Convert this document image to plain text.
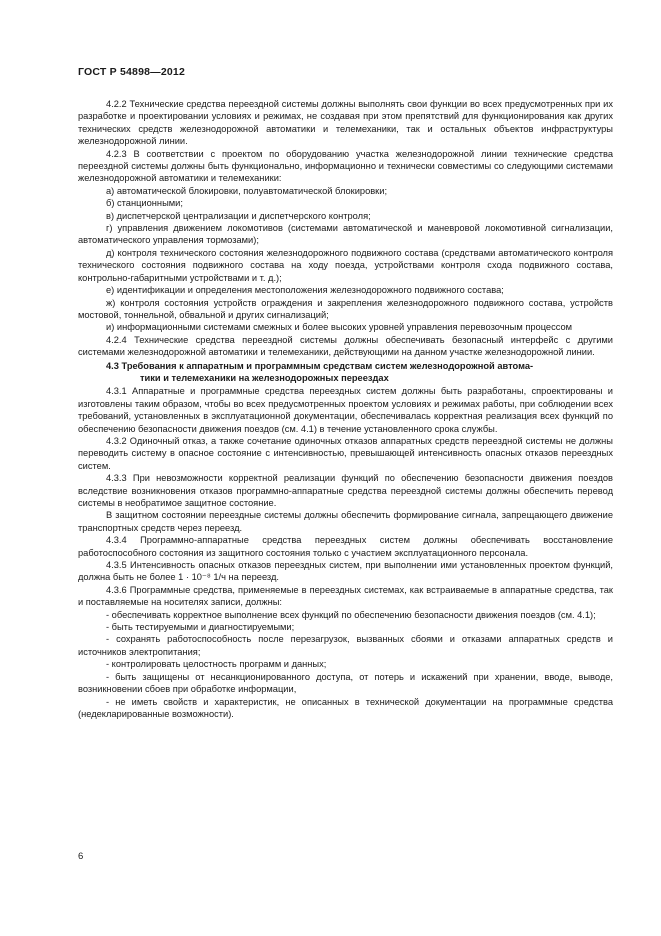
ГОСТ Р 54898—2012

4.2.2 Технические средства переездной системы должны выполнять свои функции во всех предусмотренных при их разработке и проектировании условиях и режимах, не создавая при этом препятствий для функционирования как других технических средств железнодорожной автоматики и телемеханики, так и остальных объектов инфраструктуры железнодорожной линии.

4.2.3 В соответствии с проектом по оборудованию участка железнодорожной линии технические средства переездной системы должны быть функционально, информационно и технически совместимы со следующими системами железнодорожной автоматики и телемеханики:

а) автоматической блокировки, полуавтоматической блокировки;

б) станционными;

в) диспетчерской централизации и диспетчерского контроля;

г) управления движением локомотивов (системами автоматической и маневровой локомотивной сигнализации, автоматического управления тормозами);

д) контроля технического состояния железнодорожного подвижного состава (средствами автоматического контроля технического состояния подвижного состава на ходу поезда, устройствами контроля схода подвижного состава, контрольно-габаритными устройствами и т. д.);

е) идентификации и определения местоположения железнодорожного подвижного состава;

ж) контроля состояния устройств ограждения и закрепления железнодорожного подвижного состава, устройств мостовой, тоннельной, обвальной и других сигнализаций;

и) информационными системами смежных и более высоких уровней управления перевозочным процессом

4.2.4 Технические средства переездной системы должны обеспечивать безопасный интерфейс с другими системами железнодорожной автоматики и телемеханики, действующими на данном участке железнодорожной линии.

4.3 Требования к аппаратным и программным средствам систем железнодорожной автома-
тики и телемеханики на железнодорожных переездах

4.3.1 Аппаратные и программные средства переездных систем должны быть разработаны, спроектированы и изготовлены таким образом, чтобы во всех предусмотренных проектом условиях и режимах работы, при соблюдении всех требований, установленных в эксплуатационной документации, обеспечивалась корректная реализация всех функций по обеспечению безопасности движения поездов (см. 4.1) в течение установленного срока службы.

4.3.2 Одиночный отказ, а также сочетание одиночных отказов аппаратных средств переездной системы не должны переводить систему в опасное состояние с интенсивностью, превышающей интенсивность опасных отказов переездных систем.

4.3.3 При невозможности корректной реализации функций по обеспечению безопасности движения поездов вследствие возникновения отказов программно-аппаратные средства переездной системы должны обеспечить перевод системы в необратимое защитное состояние.

В защитном состоянии переездные системы должны обеспечить формирование сигнала, запрещающего движение транспортных средств через переезд.

4.3.4 Программно-аппаратные средства переездных систем должны обеспечивать восстановление работоспособного состояния из защитного состояния только с участием эксплуатационного персонала.

4.3.5 Интенсивность опасных отказов переездных систем, при выполнении ими установленных проектом функций, должна быть не более 1 · 10⁻⁸ 1/ч на переезд.

4.3.6 Программные средства, применяемые в переездных системах, как встраиваемые в аппаратные средства, так и поставляемые на носителях записи, должны:

- обеспечивать корректное выполнение всех функций по обеспечению безопасности движения поездов (см. 4.1);

- быть тестируемыми и диагностируемыми;

- сохранять работоспособность после перезагрузок, вызванных сбоями и отказами аппаратных средств и источников электропитания;

- контролировать целостность программ и данных;

- быть защищены от несанкционированного доступа, от потерь и искажений при хранении, вводе, выводе, возникновении сбоев при обработке информации,

- не иметь свойств и характеристик, не описанных в технической документации на программные средства (недекларированные возможности).

6
